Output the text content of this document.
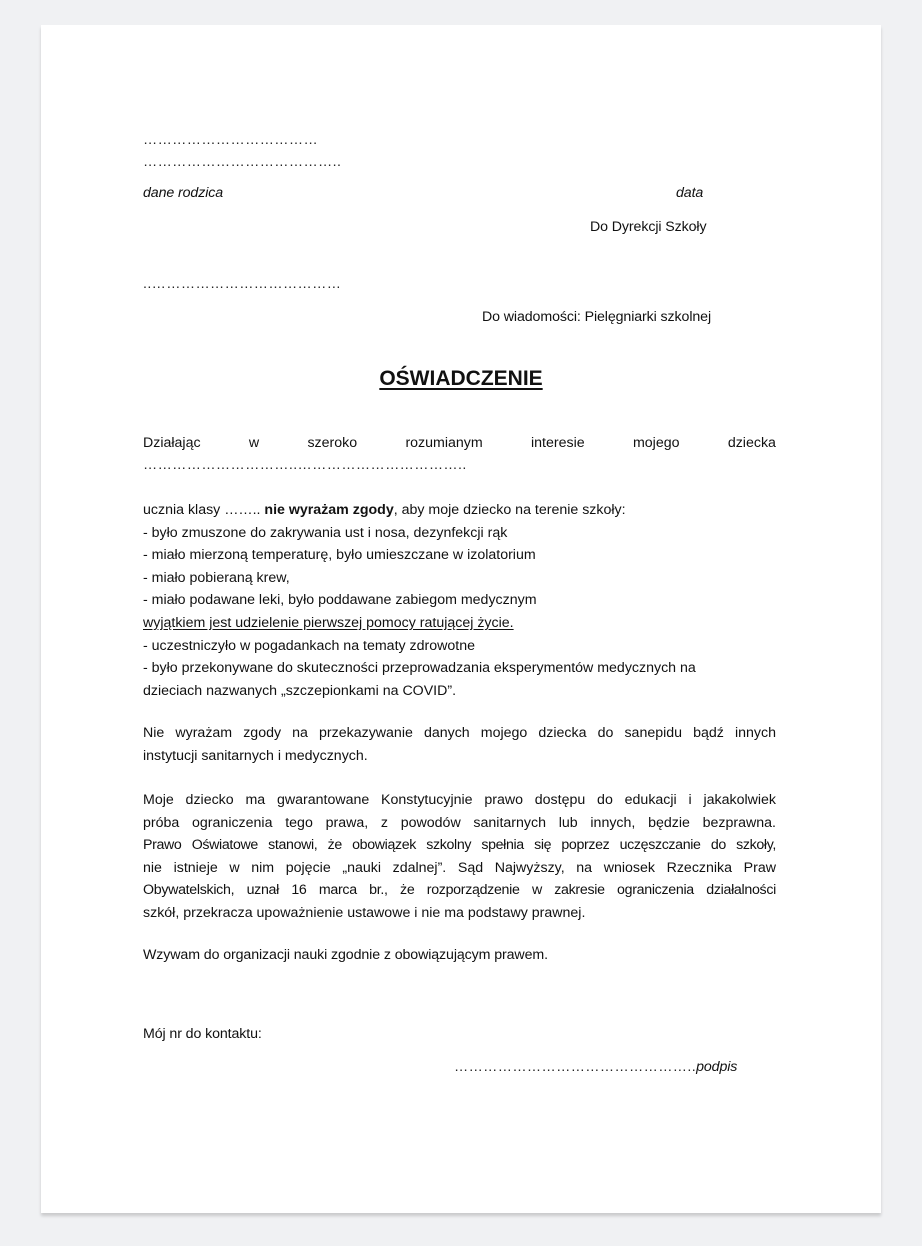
………………………………
…………………………………..
dane rodzica	data
Do Dyrekcji Szkoły
..…………………………………
Do wiadomości: Pielęgniarki szkolnej
OŚWIADCZENIE
Działając	w	szeroko	rozumianym	interesie	mojego	dziecka
…………………………..……………………………..
ucznia klasy …….. nie wyrażam zgody, aby moje dziecko na terenie szkoły:
- było zmuszone do zakrywania ust i nosa, dezynfekcji rąk
- miało mierzoną temperaturę, było umieszczane w izolatorium
- miało pobieraną krew,
- miało podawane leki, było poddawane zabiegom medycznym
wyjątkiem jest udzielenie pierwszej pomocy ratującej życie.
- uczestniczyło w pogadankach na tematy zdrowotne
- było przekonywane do skuteczności przeprowadzania eksperymentów medycznych na
dzieciach nazwanych „szczepionkami na COVID”.
Nie wyrażam zgody na przekazywanie danych mojego dziecka do sanepidu bądź innych
instytucji sanitarnych i medycznych.
Moje dziecko ma gwarantowane Konstytucyjnie prawo dostępu do edukacji i jakakolwiek
próba ograniczenia tego prawa, z powodów sanitarnych lub innych, będzie bezprawna.
Prawo Oświatowe stanowi, że obowiązek szkolny spełnia się poprzez uczęszczanie do szkoły,
nie istnieje w nim pojęcie „nauki zdalnej”. Sąd Najwyższy, na wniosek Rzecznika Praw
Obywatelskich, uznał 16 marca br., że rozporządzenie w zakresie ograniczenia działalności
szkół, przekracza upoważnienie ustawowe i nie ma podstawy prawnej.
Wzywam do organizacji nauki zgodnie z obowiązującym prawem.
Mój nr do kontaktu:
…………………………………………..podpis
